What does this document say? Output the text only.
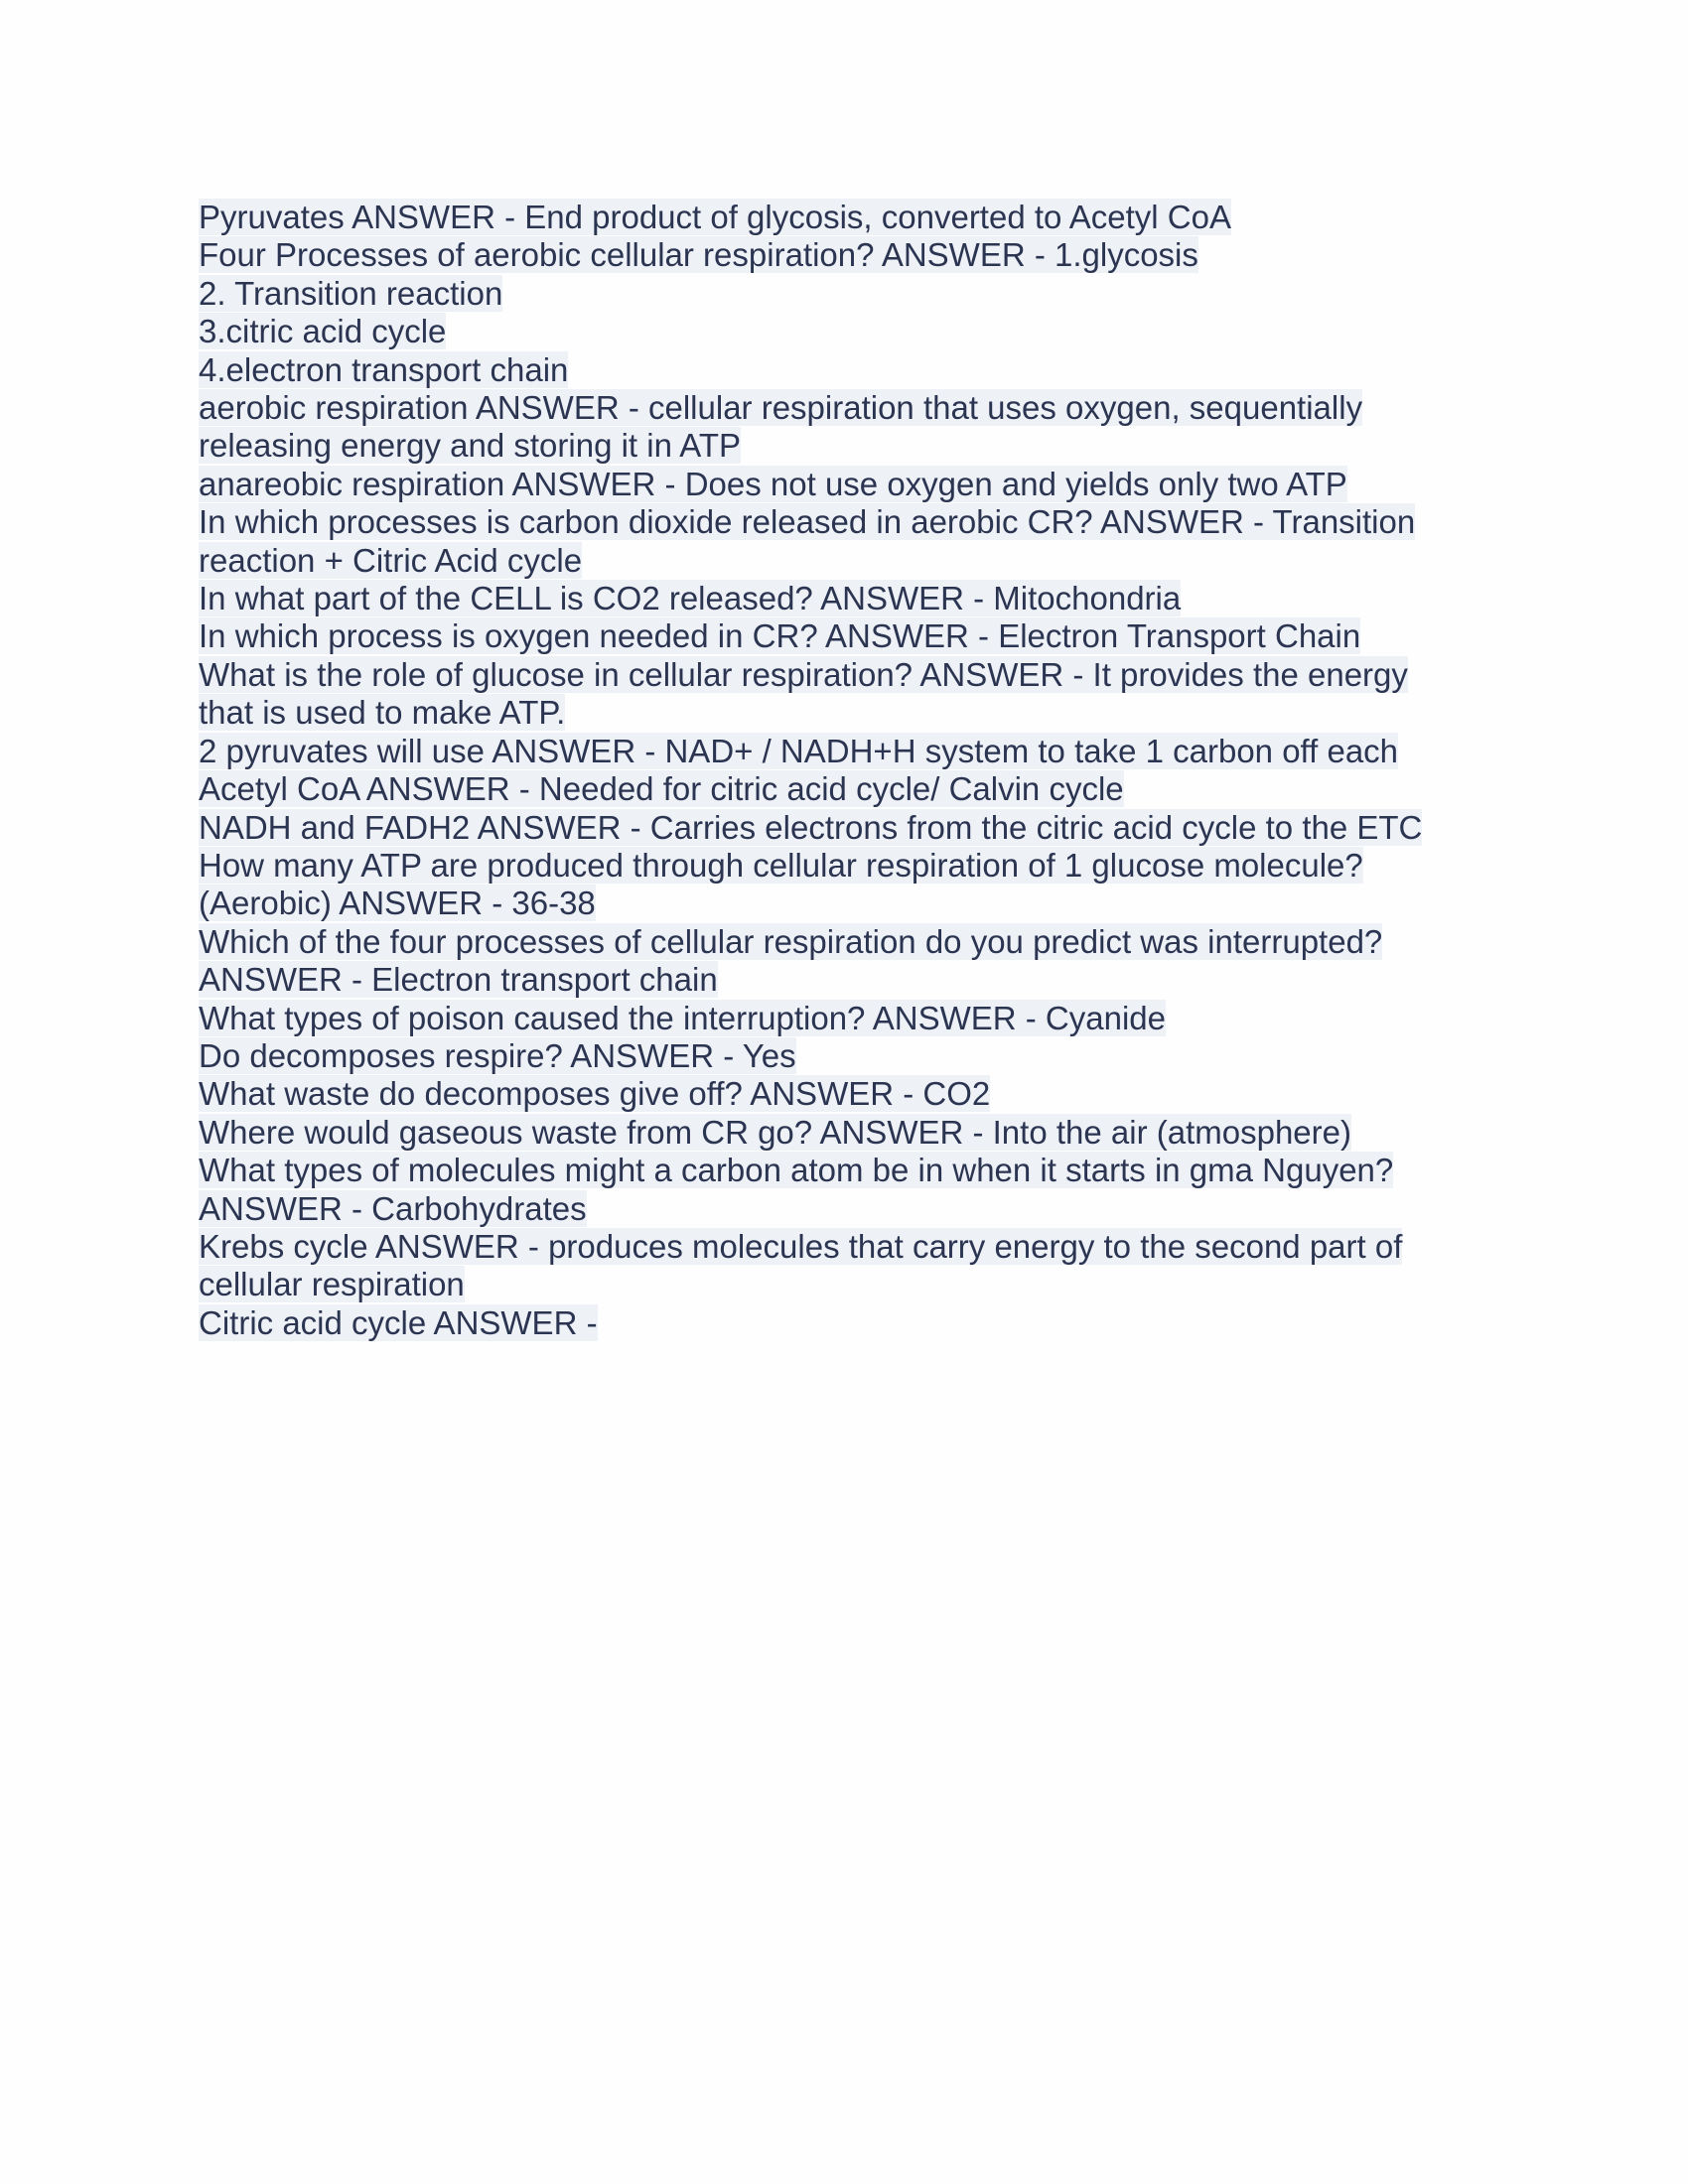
Pyruvates ANSWER - End product of glycosis, converted to Acetyl CoA
Four Processes of aerobic cellular respiration? ANSWER - 1.glycosis
2. Transition reaction
3.citric acid cycle
4.electron transport chain
aerobic respiration ANSWER - cellular respiration that uses oxygen, sequentially
releasing energy and storing it in ATP
anareobic respiration ANSWER - Does not use oxygen and yields only two ATP
In which processes is carbon dioxide released in aerobic CR? ANSWER - Transition
reaction + Citric Acid cycle
In what part of the CELL is CO2 released? ANSWER - Mitochondria
In which process is oxygen needed in CR? ANSWER - Electron Transport Chain
What is the role of glucose in cellular respiration? ANSWER - It provides the energy
that is used to make ATP.
2 pyruvates will use ANSWER - NAD+ / NADH+H system to take 1 carbon off each
Acetyl CoA ANSWER - Needed for citric acid cycle/ Calvin cycle
NADH and FADH2 ANSWER - Carries electrons from the citric acid cycle to the ETC
How many ATP are produced through cellular respiration of 1 glucose molecule?
(Aerobic) ANSWER - 36-38
Which of the four processes of cellular respiration do you predict was interrupted?
ANSWER - Electron transport chain
What types of poison caused the interruption? ANSWER - Cyanide
Do decomposes respire? ANSWER - Yes
What waste do decomposes give off? ANSWER - CO2
Where would gaseous waste from CR go? ANSWER - Into the air (atmosphere)
What types of molecules might a carbon atom be in when it starts in gma Nguyen?
ANSWER - Carbohydrates
Krebs cycle ANSWER - produces molecules that carry energy to the second part of
cellular respiration
Citric acid cycle ANSWER -
